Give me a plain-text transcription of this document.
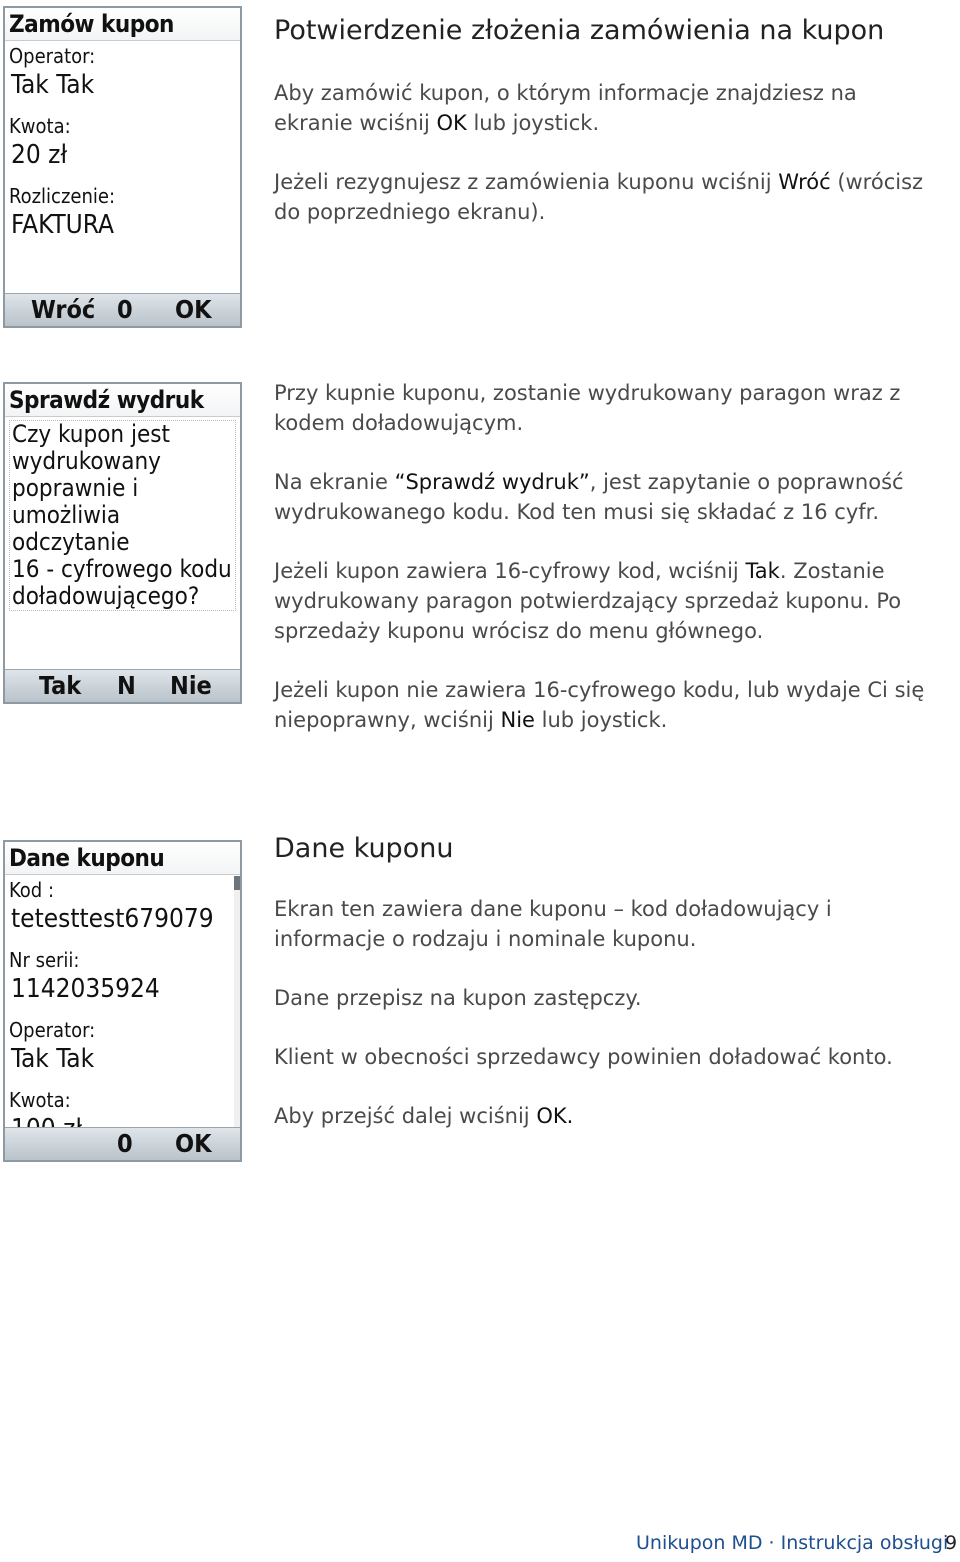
Zamów kupon
Operator:
Tak Tak
Kwota:
20 zł
Rozliczenie:
FAKTURA
Wróć 0 OK
Potwierdzenie złożenia zamówienia na kupon

Aby zamówić kupon, o którym informacje znajdziesz na ekranie wciśnij OK lub joystick.

Jeżeli rezygnujesz z zamówienia kuponu wciśnij Wróć (wrócisz do poprzedniego ekranu).

Sprawdź wydruk
Czy kupon jest
wydrukowany
poprawnie i
umożliwia
odczytanie
16 - cyfrowego kodu
doładowującego?
Tak N Nie

Przy kupnie kuponu, zostanie wydrukowany paragon wraz z kodem doładowującym.

Na ekranie “Sprawdź wydruk”, jest zapytanie o poprawność wydrukowanego kodu. Kod ten musi się składać z 16 cyfr.

Jeżeli kupon zawiera 16-cyfrowy kod, wciśnij Tak. Zostanie wydrukowany paragon potwierdzający sprzedaż kuponu. Po sprzedaży kuponu wrócisz do menu głównego.

Jeżeli kupon nie zawiera 16-cyfrowego kodu, lub wydaje Ci się niepoprawny, wciśnij Nie lub joystick.

Dane kuponu
Kod :
tetesttest679079
Nr serii:
1142035924
Operator:
Tak Tak
Kwota:
0 OK
Dane kuponu

Ekran ten zawiera dane kuponu – kod doładowujący i informacje o rodzaju i nominale kuponu.

Dane przepisz na kupon zastępczy.

Klient w obecności sprzedawcy powinien doładować konto.

Aby przejść dalej wciśnij OK.

Unikupon MD · Instrukcja obsługi
9
